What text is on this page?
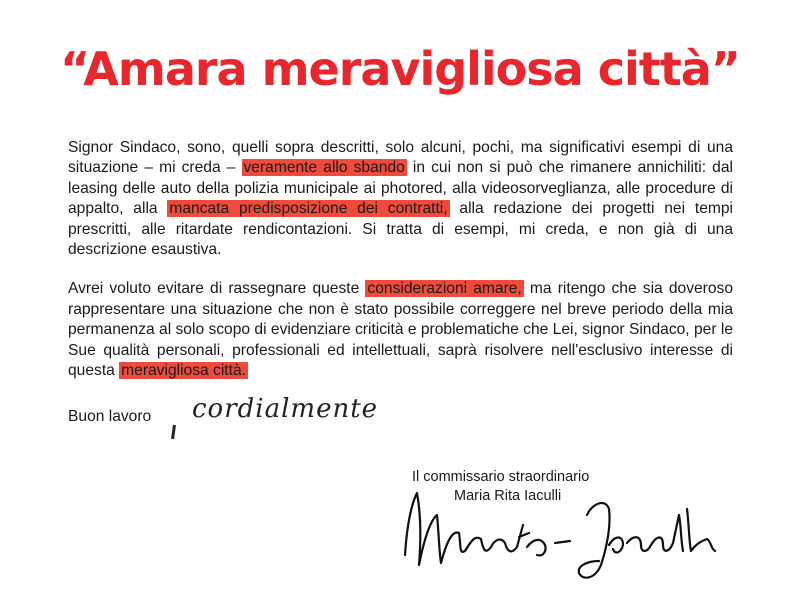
“Amara meravigliosa città”

Signor Sindaco, sono, quelli sopra descritti, solo alcuni, pochi, ma significativi esempi di una situazione – mi creda – veramente allo sbando in cui non si può che rimanere annichiliti: dal leasing delle auto della polizia municipale ai photored, alla videosorveglianza, alle procedure di appalto, alla mancata predisposizione dei contratti, alla redazione dei progetti nei tempi prescritti, alle ritardate rendicontazioni. Si tratta di esempi, mi creda, e non già di una descrizione esaustiva.

Avrei voluto evitare di rassegnare queste considerazioni amare, ma ritengo che sia doveroso rappresentare una situazione che non è stato possibile correggere nel breve periodo della mia permanenza al solo scopo di evidenziare criticità e problematiche che Lei, signor Sindaco, per le Sue qualità personali, professionali ed intellettuali, saprà risolvere nell'esclusivo interesse di questa meravigliosa città.

Buon lavoro cordialmente
Il commissario straordinario
Maria Rita Iaculli
